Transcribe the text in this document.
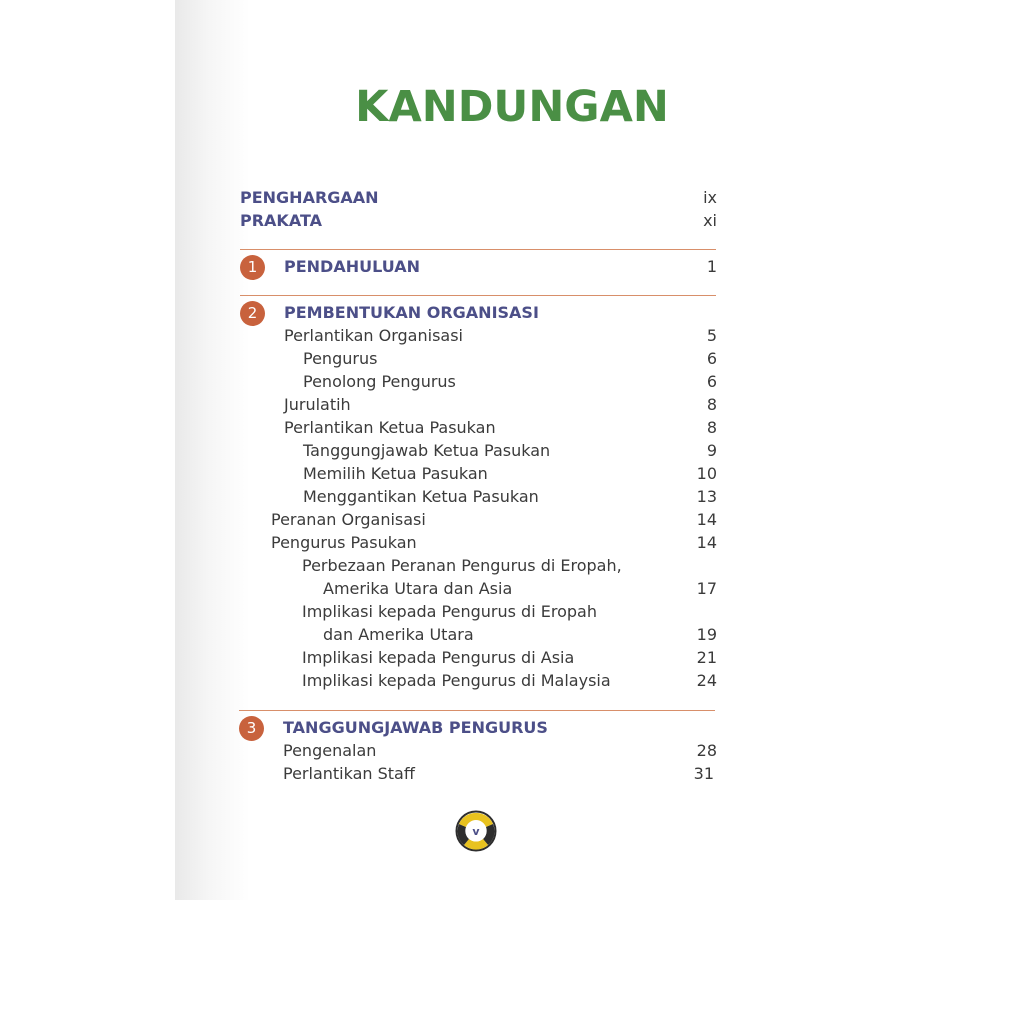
KANDUNGAN
PENGHARGAAN	ix
PRAKATA	xi
1	PENDAHULUAN	1
2	PEMBENTUKAN ORGANISASI
Perlantikan Organisasi	5
Pengurus	6
Penolong Pengurus	6
Jurulatih	8
Perlantikan Ketua Pasukan	8
Tanggungjawab Ketua Pasukan	9
Memilih Ketua Pasukan	10
Menggantikan Ketua Pasukan	13
Peranan Organisasi	14
Pengurus Pasukan	14
Perbezaan Peranan Pengurus di Eropah,
Amerika Utara dan Asia	17
Implikasi kepada Pengurus di Eropah
dan Amerika Utara	19
Implikasi kepada Pengurus di Asia	21
Implikasi kepada Pengurus di Malaysia	24
3	TANGGUNGJAWAB PENGURUS
Pengenalan	28
Perlantikan Staff	31
v
